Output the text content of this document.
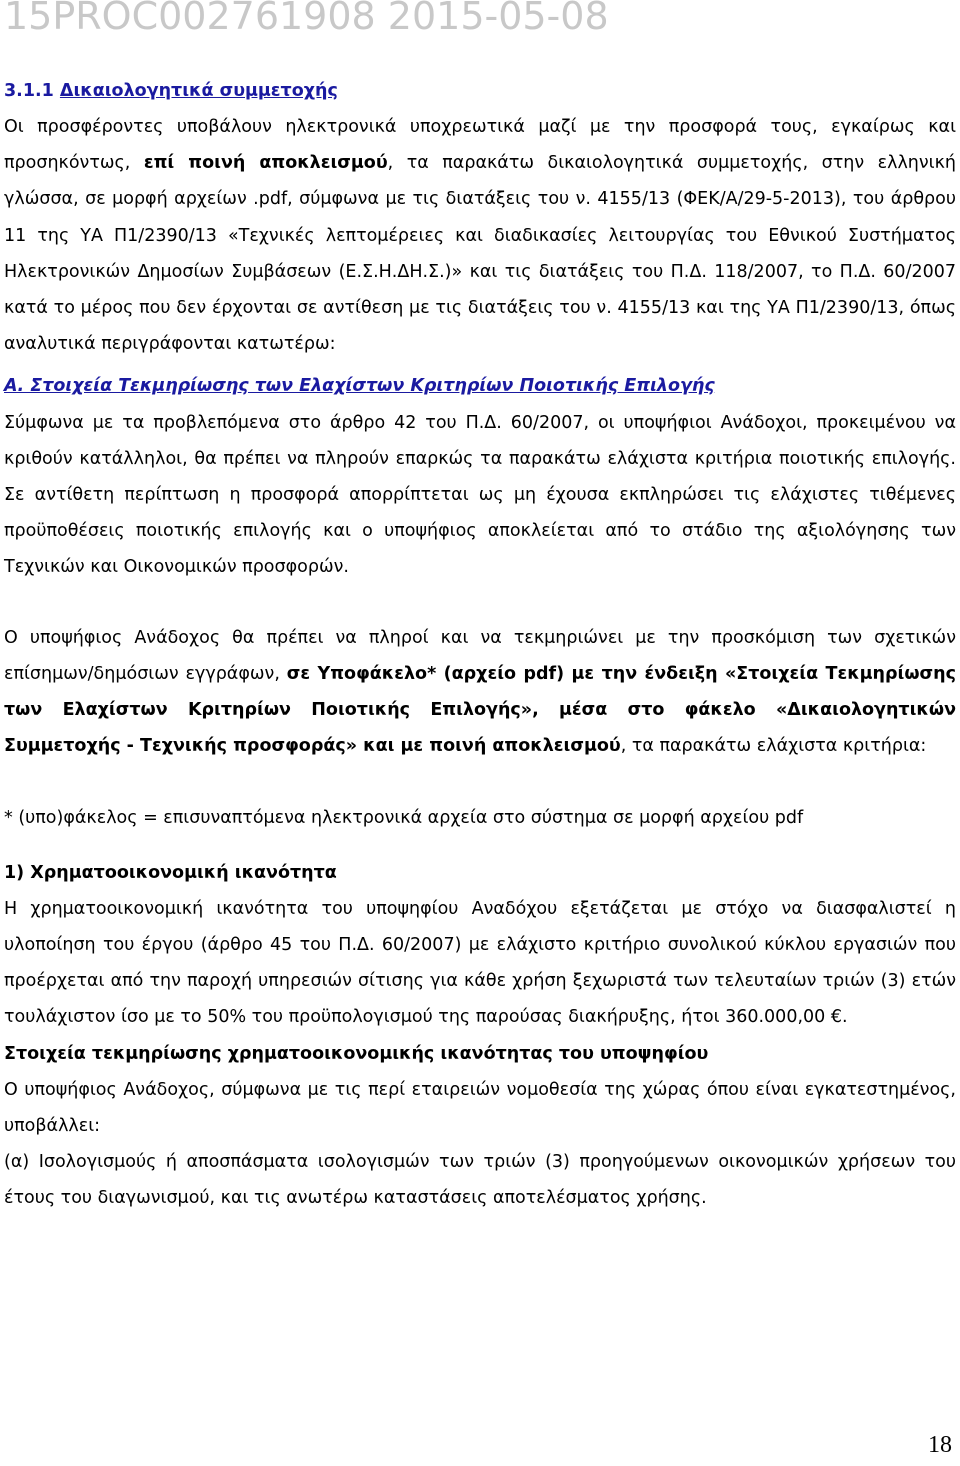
15PROC002761908 2015-05-08

3.1.1 Δικαιολογητικά συμμετοχής

Οι προσφέροντες υποβάλουν ηλεκτρονικά υποχρεωτικά μαζί με την προσφορά τους, εγκαίρως και προσηκόντως, επί ποινή αποκλεισμού, τα παρακάτω δικαιολογητικά συμμετοχής, στην ελληνική γλώσσα, σε μορφή αρχείων .pdf, σύμφωνα με τις διατάξεις του ν. 4155/13 (ΦΕΚ/Α/29-5-2013), του άρθρου 11 της ΥΑ Π1/2390/13 «Τεχνικές λεπτομέρειες και διαδικασίες λειτουργίας του Εθνικού Συστήματος Ηλεκτρονικών Δημοσίων Συμβάσεων (Ε.Σ.Η.ΔΗ.Σ.)» και τις διατάξεις του Π.Δ. 118/2007, το Π.Δ. 60/2007 κατά το μέρος που δεν έρχονται σε αντίθεση με τις διατάξεις του ν. 4155/13 και της ΥΑ Π1/2390/13, όπως αναλυτικά περιγράφονται κατωτέρω:

Α. Στοιχεία Τεκμηρίωσης των Ελαχίστων Κριτηρίων Ποιοτικής Επιλογής

Σύμφωνα με τα προβλεπόμενα στο άρθρο 42 του Π.Δ. 60/2007, οι υποψήφιοι Ανάδοχοι, προκειμένου να κριθούν κατάλληλοι, θα πρέπει να πληρούν επαρκώς τα παρακάτω ελάχιστα κριτήρια ποιοτικής επιλογής. Σε αντίθετη περίπτωση η προσφορά απορρίπτεται ως μη έχουσα εκπληρώσει τις ελάχιστες τιθέμενες προϋποθέσεις ποιοτικής επιλογής και ο υποψήφιος αποκλείεται από το στάδιο της αξιολόγησης των Τεχνικών και Οικονομικών προσφορών.

Ο υποψήφιος Ανάδοχος θα πρέπει να πληροί και να τεκμηριώνει με την προσκόμιση των σχετικών επίσημων/δημόσιων εγγράφων, σε Υποφάκελο* (αρχείο pdf) με την ένδειξη «Στοιχεία Τεκμηρίωσης των Ελαχίστων Κριτηρίων Ποιοτικής Επιλογής», μέσα στο φάκελο «Δικαιολογητικών Συμμετοχής - Τεχνικής προσφοράς» και με ποινή αποκλεισμού, τα παρακάτω ελάχιστα κριτήρια:

* (υπο)φάκελος = επισυναπτόμενα ηλεκτρονικά αρχεία στο σύστημα σε μορφή αρχείου pdf

1) Χρηματοοικονομική ικανότητα

Η χρηματοοικονομική ικανότητα του υποψηφίου Αναδόχου εξετάζεται με στόχο να διασφαλιστεί η υλοποίηση του έργου (άρθρο 45 του Π.Δ. 60/2007) με ελάχιστο κριτήριο συνολικού κύκλου εργασιών που προέρχεται από την παροχή υπηρεσιών σίτισης για κάθε χρήση ξεχωριστά των τελευταίων τριών (3) ετών τουλάχιστον ίσο με το 50% του προϋπολογισμού της παρούσας διακήρυξης, ήτοι 360.000,00 €.

Στοιχεία τεκμηρίωσης χρηματοοικονομικής ικανότητας του υποψηφίου

Ο υποψήφιος Ανάδοχος, σύμφωνα με τις περί εταιρειών νομοθεσία της χώρας όπου είναι εγκατεστημένος, υποβάλλει:

(α) Ισολογισμούς ή αποσπάσματα ισολογισμών των τριών (3) προηγούμενων οικονομικών χρήσεων του έτους του διαγωνισμού, και τις ανωτέρω καταστάσεις αποτελέσματος χρήσης.

18
